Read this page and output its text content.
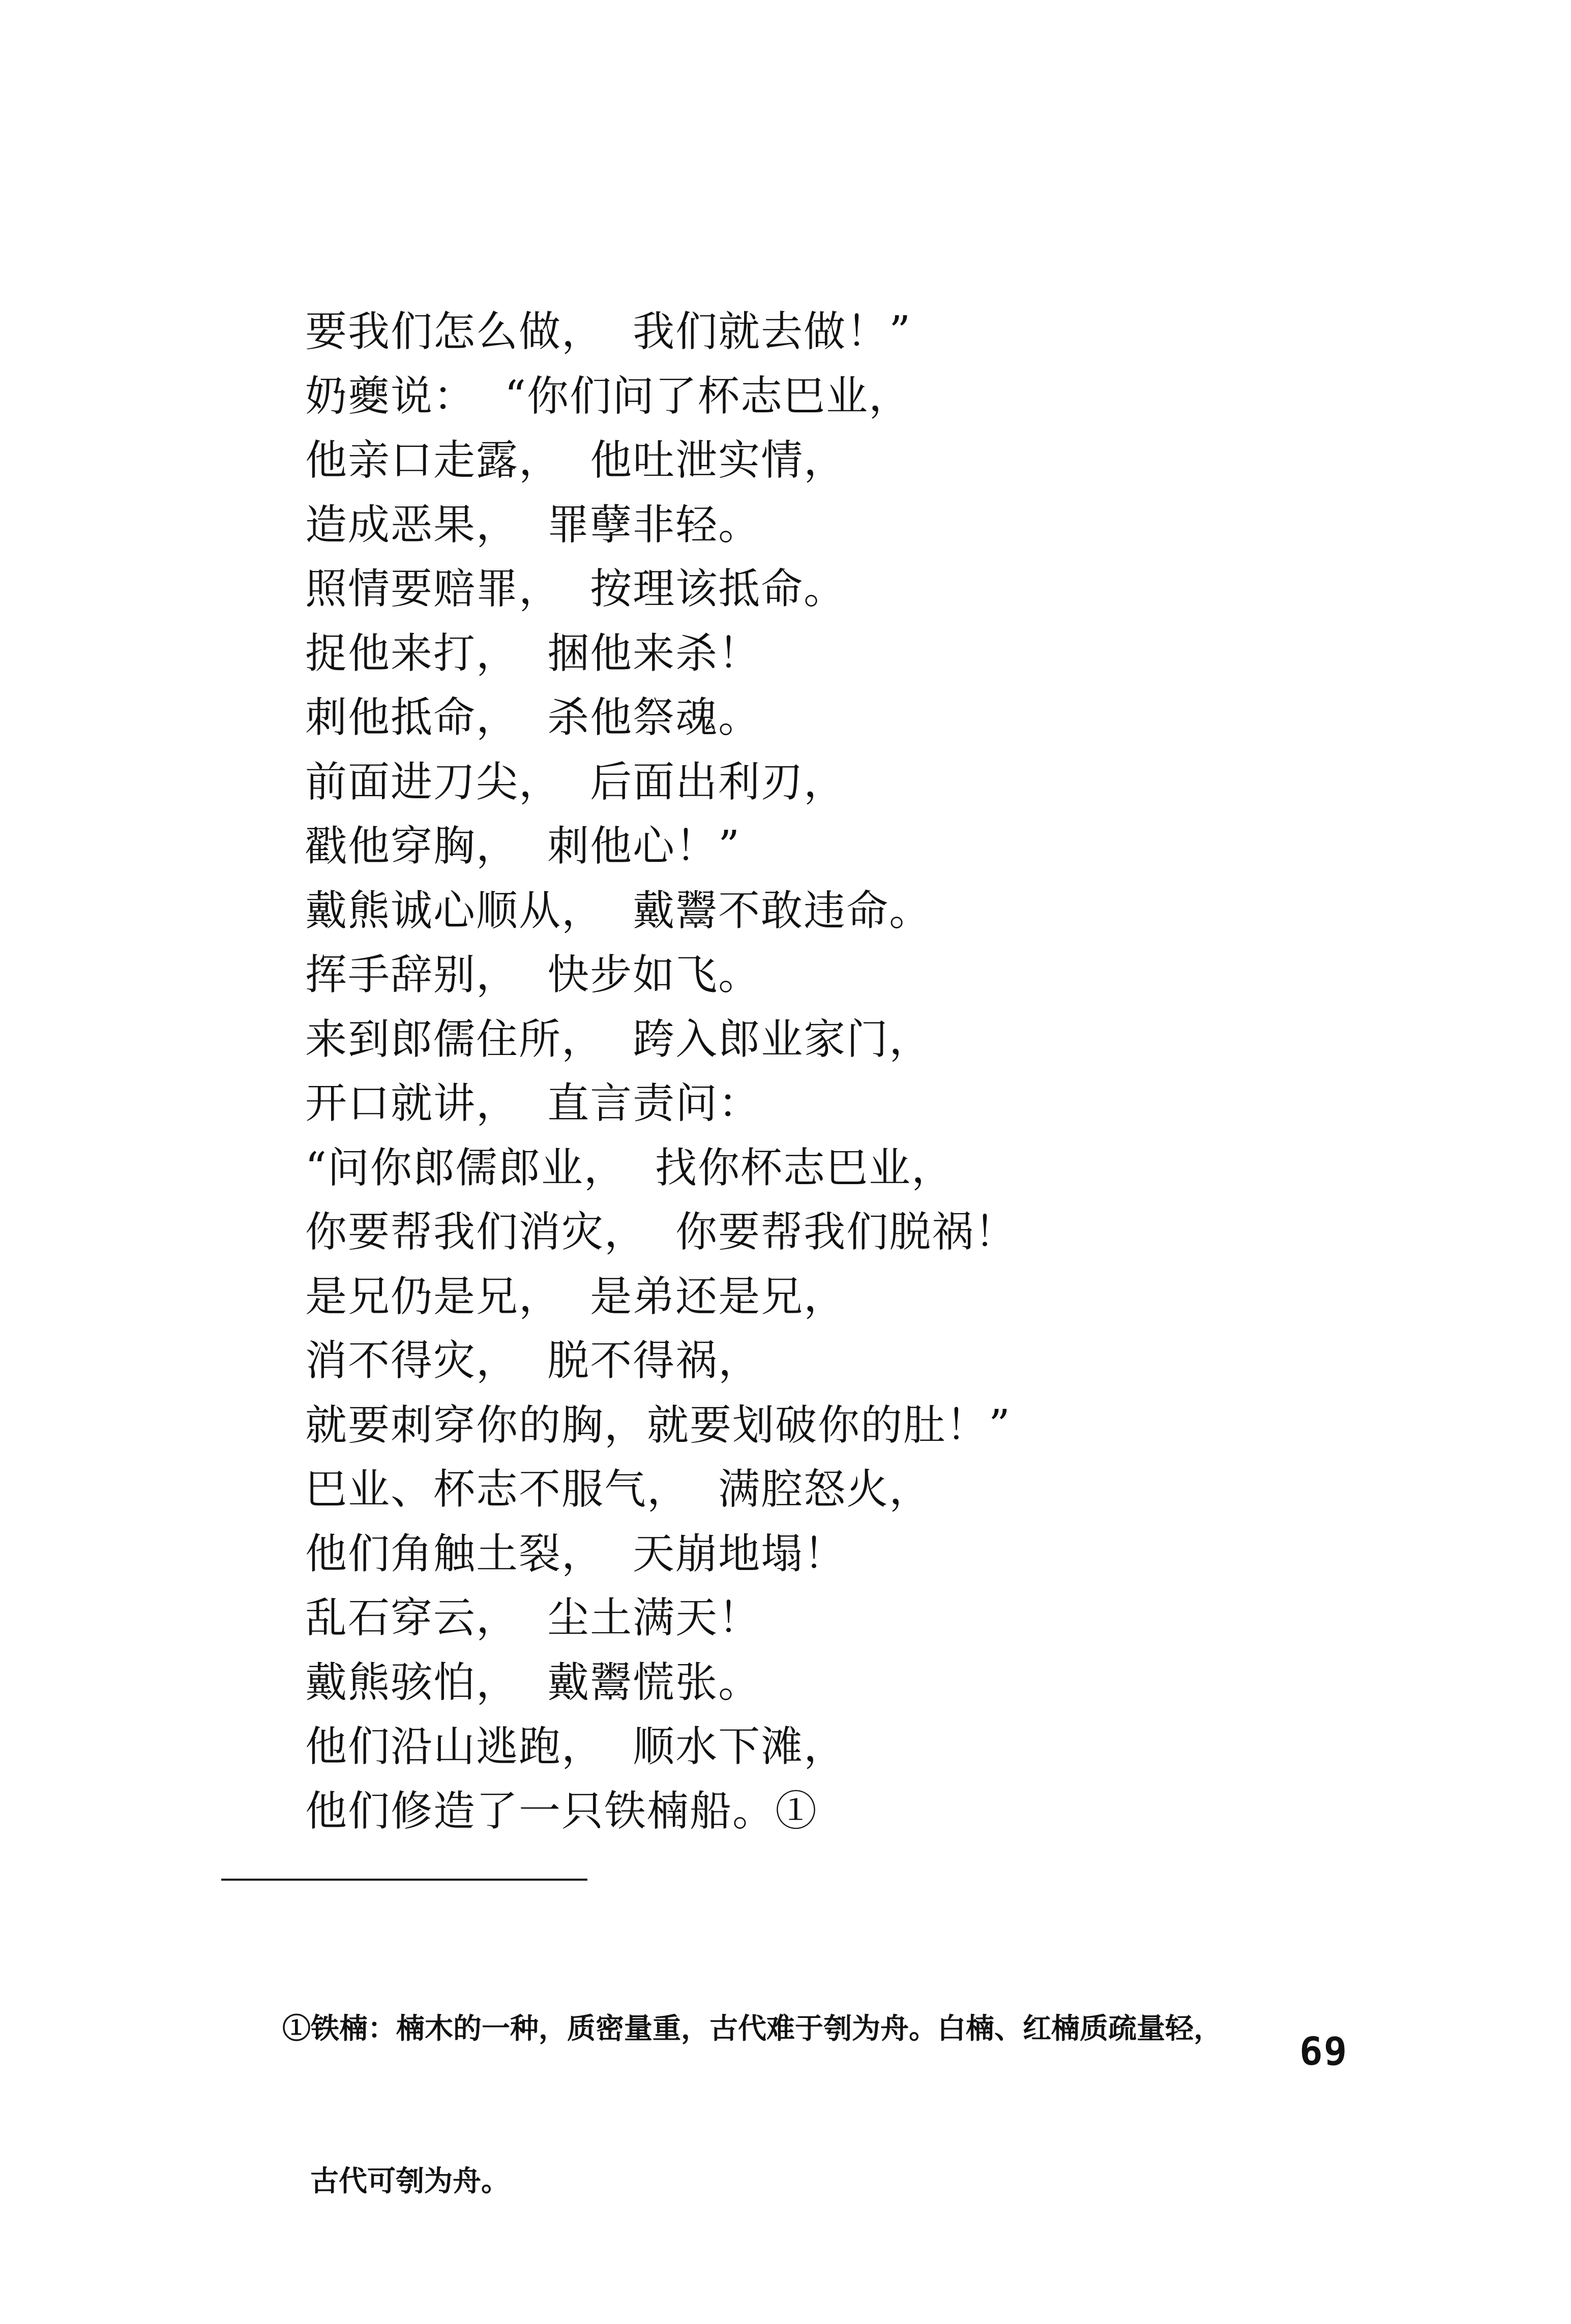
要我们怎么做，  我们就去做！”
奶夔说：  “你们问了杯志巴业，
他亲口走露，  他吐泄实情，
造成恶果，  罪孽非轻。
照情要赔罪，  按理该抵命。
捉他来打，  捆他来杀！
刺他抵命，  杀他祭魂。
前面进刀尖，  后面出利刃，
戳他穿胸，  刺他心！”
戴熊诚心顺从，  戴鬻不敢违命。
挥手辞别，  快步如飞。
来到郎儒住所，  跨入郎业家门，
开口就讲，  直言责问：
“问你郎儒郎业，  找你杯志巴业，
你要帮我们消灾，  你要帮我们脱祸！
是兄仍是兄，  是弟还是兄，
消不得灾，  脱不得祸，
就要刺穿你的胸，就要划破你的肚！”
巴业、杯志不服气，  满腔怒火，
他们角触土裂，  天崩地塌！
乱石穿云，  尘土满天！
戴熊骇怕，  戴鬻慌张。
他们沿山逃跑，  顺水下滩，
他们修造了一只铁楠船。①

①铁楠：楠木的一种，质密量重，古代难于刳为舟。白楠、红楠质疏量轻，

古代可刳为舟。

69
